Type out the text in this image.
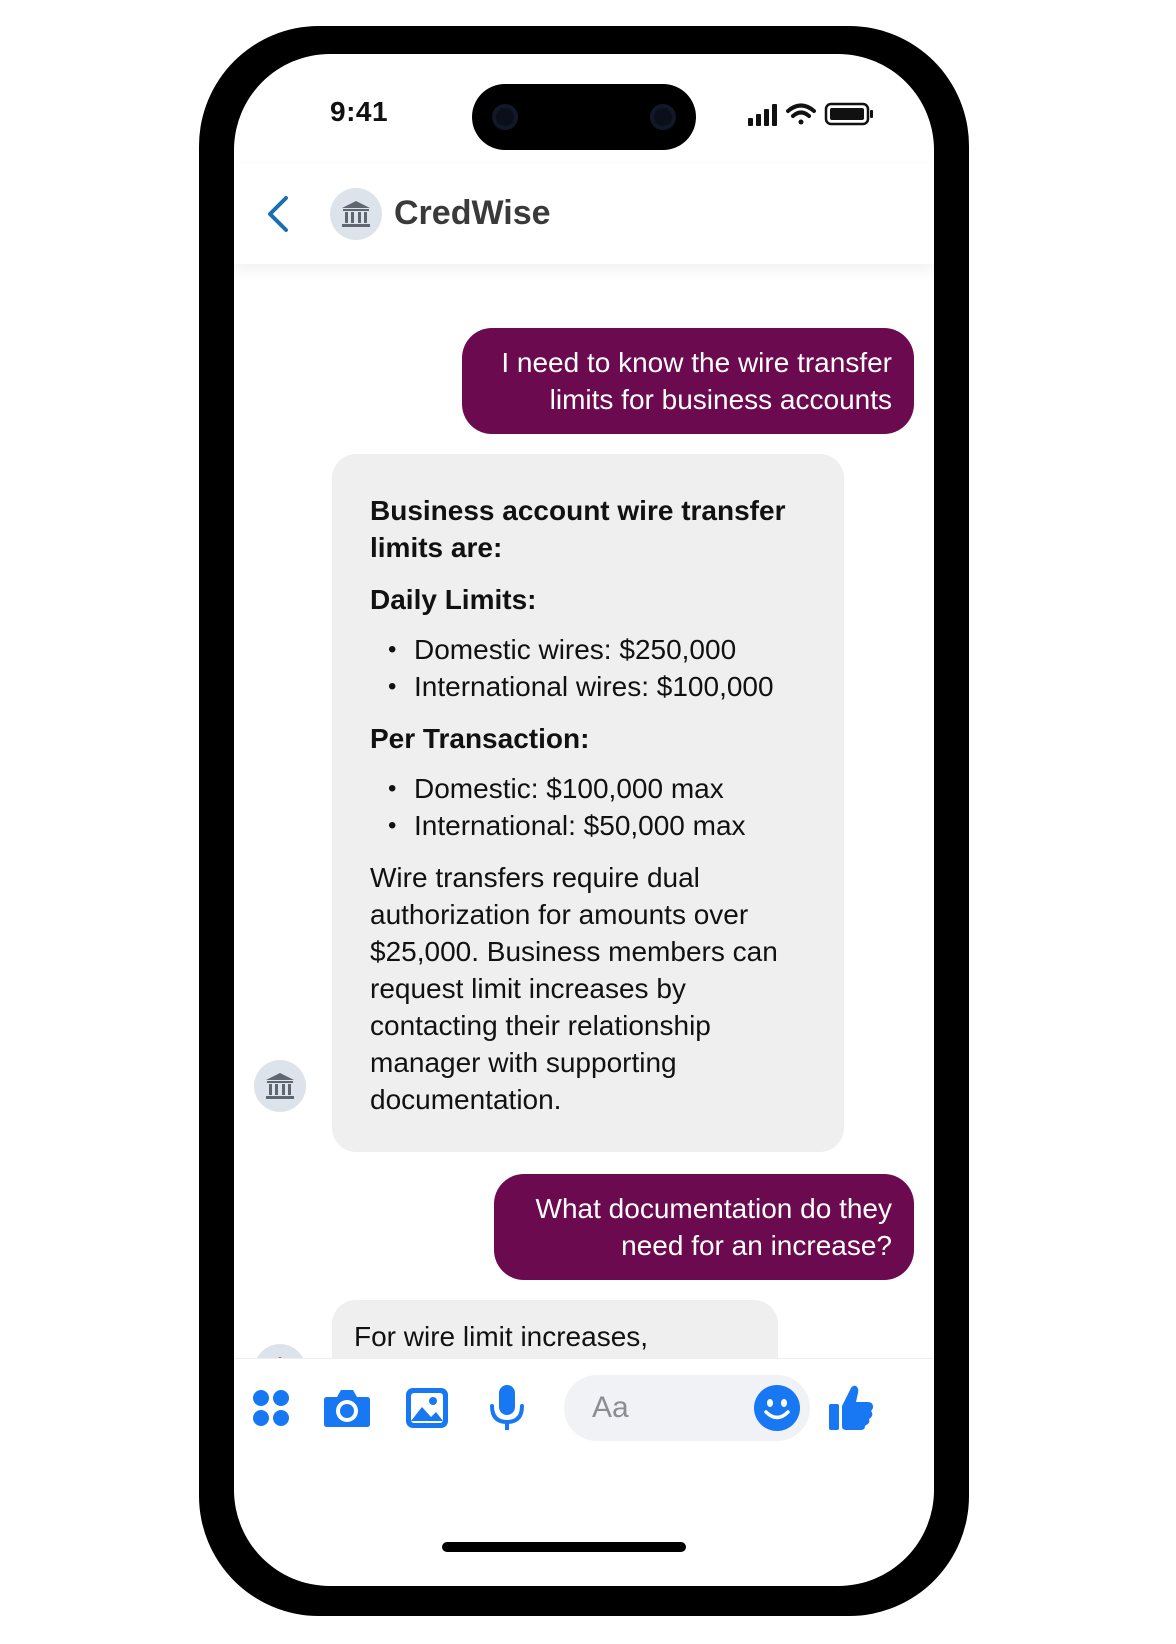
9:41
CredWise
I need to know the wire transfer
limits for business accounts
Business account wire transfer
limits are:
Daily Limits:
• Domestic wires: $250,000
• International wires: $100,000
Per Transaction:
• Domestic: $100,000 max
• International: $50,000 max
Wire transfers require dual
authorization for amounts over
$25,000. Business members can
request limit increases by
contacting their relationship
manager with supporting
documentation.
What documentation do they
need for an increase?
For wire limit increases,
Aa
